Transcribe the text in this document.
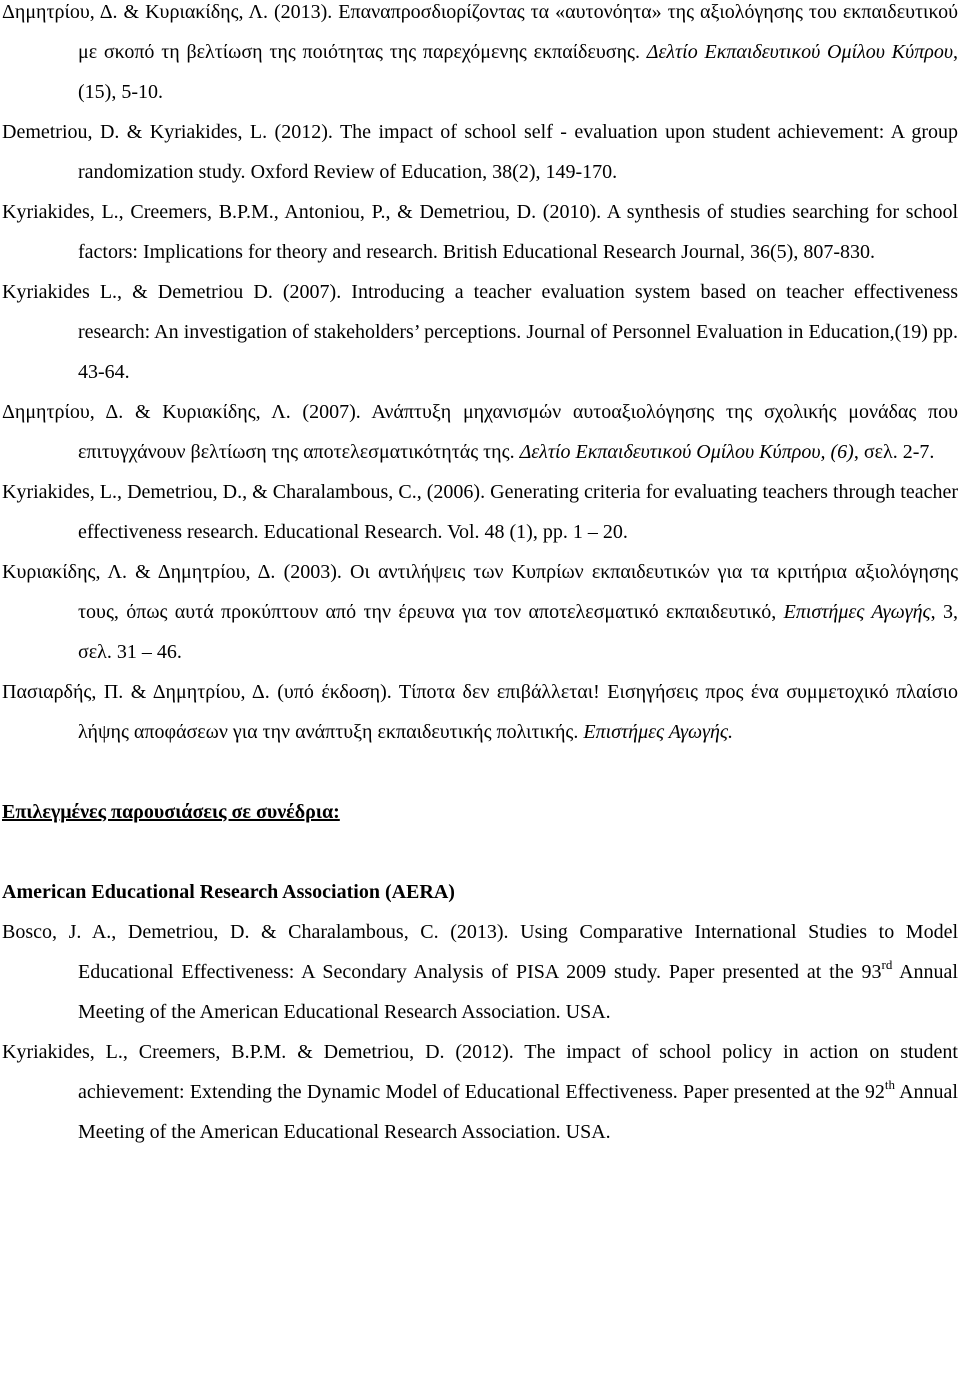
Δημητρίου, Δ. & Κυριακίδης, Λ. (2013). Επαναπροσδιορίζοντας τα «αυτονόητα» της αξιολόγησης του εκπαιδευτικού με σκοπό τη βελτίωση της ποιότητας της παρεχόμενης εκπαίδευσης. Δελτίο Εκπαιδευτικού Ομίλου Κύπρου, (15), 5-10.
Demetriou, D. & Kyriakides, L. (2012). The impact of school self - evaluation upon student achievement: A group randomization study. Oxford Review of Education, 38(2), 149-170.
Kyriakides, L., Creemers, B.P.M., Antoniou, P., & Demetriou, D. (2010). A synthesis of studies searching for school factors: Implications for theory and research. British Educational Research Journal, 36(5), 807-830.
Kyriakides L., & Demetriou D. (2007). Introducing a teacher evaluation system based on teacher effectiveness research: An investigation of stakeholders’ perceptions. Journal of Personnel Evaluation in Education,(19) pp. 43-64.
Δημητρίου, Δ. & Κυριακίδης, Λ. (2007). Ανάπτυξη μηχανισμών αυτοαξιολόγησης της σχολικής μονάδας που επιτυγχάνουν βελτίωση της αποτελεσματικότητάς της. Δελτίο Εκπαιδευτικού Ομίλου Κύπρου, (6), σελ. 2-7.
Kyriakides, L., Demetriou, D., & Charalambous, C., (2006). Generating criteria for evaluating teachers through teacher effectiveness research. Educational Research. Vol. 48 (1), pp. 1 – 20.
Κυριακίδης, Λ. & Δημητρίου, Δ. (2003). Οι αντιλήψεις των Κυπρίων εκπαιδευτικών για τα κριτήρια αξιολόγησης τους, όπως αυτά προκύπτουν από την έρευνα για τον αποτελεσματικό εκπαιδευτικό, Επιστήμες Αγωγής, 3, σελ. 31 – 46.
Πασιαρδής, Π. & Δημητρίου, Δ. (υπό έκδοση). Τίποτα δεν επιβάλλεται! Εισηγήσεις προς ένα συμμετοχικό πλαίσιο λήψης αποφάσεων για την ανάπτυξη εκπαιδευτικής πολιτικής. Επιστήμες Αγωγής.
Επιλεγμένες παρουσιάσεις σε συνέδρια:
American Educational Research Association (AERA)
Bosco, J. A., Demetriou, D. & Charalambous, C. (2013). Using Comparative International Studies to Model Educational Effectiveness: A Secondary Analysis of PISA 2009 study. Paper presented at the 93rd Annual Meeting of the American Educational Research Association. USA.
Kyriakides, L., Creemers, B.P.M. & Demetriou, D. (2012). The impact of school policy in action on student achievement: Extending the Dynamic Model of Educational Effectiveness. Paper presented at the 92th Annual Meeting of the American Educational Research Association. USA.
